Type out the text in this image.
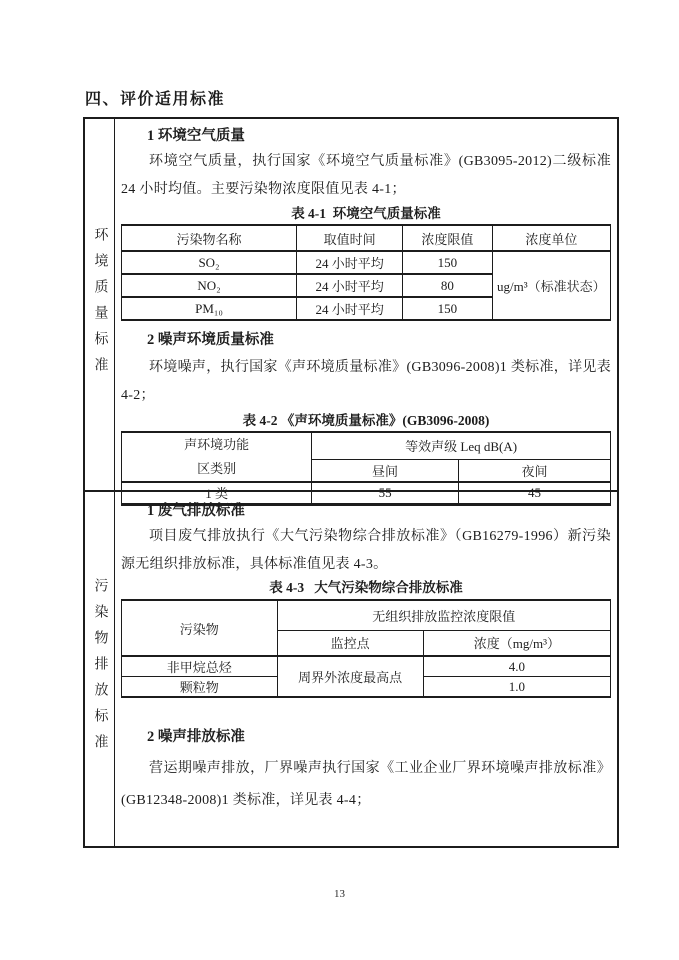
四、评价适用标准
环境质量标准
1 环境空气质量

环境空气质量，执行国家《环境空气质量标准》(GB3095-2012)二级标准 24 小时均值。主要污染物浓度限值见表 4-1；

表 4-1  环境空气质量标准
污染物名称	取值时间	浓度限值	浓度单位
SO₂	24 小时平均	150	ug/m³（标准状态）
NO₂	24 小时平均	80	
PM₁₀	24 小时平均	150	
2 噪声环境质量标准

环境噪声，执行国家《声环境质量标准》(GB3096-2008)1 类标准，详见表 4-2；

表 4-2 《声环境质量标准》(GB3096-2008)
声环境功能
区类别	等效声级 Leq dB(A)	
	昼间	夜间
1 类	55	45
污染物排放标准
1 废气排放标准

项目废气排放执行《大气污染物综合排放标准》（GB16279-1996）新污染源无组织排放标准，具体标准值见表 4-3。

表 4-3   大气污染物综合排放标准
污染物	无组织排放监控浓度限值	
	监控点	浓度（mg/m³）
非甲烷总烃	周界外浓度最高点	4.0
颗粒物		1.0
2 噪声排放标准

营运期噪声排放，厂界噪声执行国家《工业企业厂界环境噪声排放标准》(GB12348-2008)1 类标准，详见表 4-4；

13
